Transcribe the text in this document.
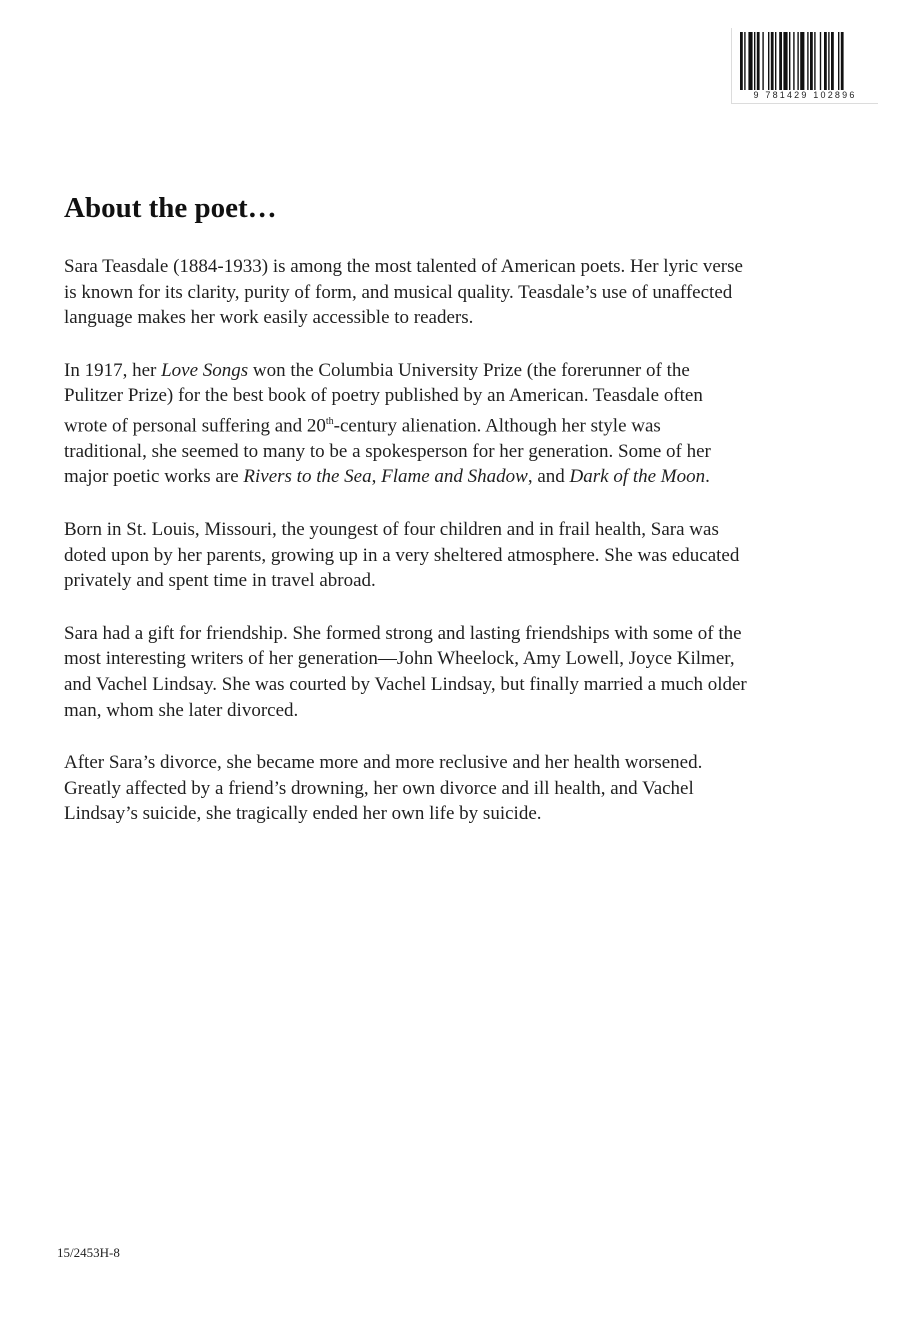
9 781429 102896
About the poet…

Sara Teasdale (1884-1933) is among the most talented of American poets. Her lyric verse
is known for its clarity, purity of form, and musical quality. Teasdale’s use of unaffected
language makes her work easily accessible to readers.

In 1917, her Love Songs won the Columbia University Prize (the forerunner of the
Pulitzer Prize) for the best book of poetry published by an American. Teasdale often
wrote of personal suffering and 20th-century alienation. Although her style was
traditional, she seemed to many to be a spokesperson for her generation. Some of her
major poetic works are Rivers to the Sea, Flame and Shadow, and Dark of the Moon.

Born in St. Louis, Missouri, the youngest of four children and in frail health, Sara was
doted upon by her parents, growing up in a very sheltered atmosphere. She was educated
privately and spent time in travel abroad.

Sara had a gift for friendship. She formed strong and lasting friendships with some of the
most interesting writers of her generation—John Wheelock, Amy Lowell, Joyce Kilmer,
and Vachel Lindsay. She was courted by Vachel Lindsay, but finally married a much older
man, whom she later divorced.

After Sara’s divorce, she became more and more reclusive and her health worsened.
Greatly affected by a friend’s drowning, her own divorce and ill health, and Vachel
Lindsay’s suicide, she tragically ended her own life by suicide.

15/2453H-8
